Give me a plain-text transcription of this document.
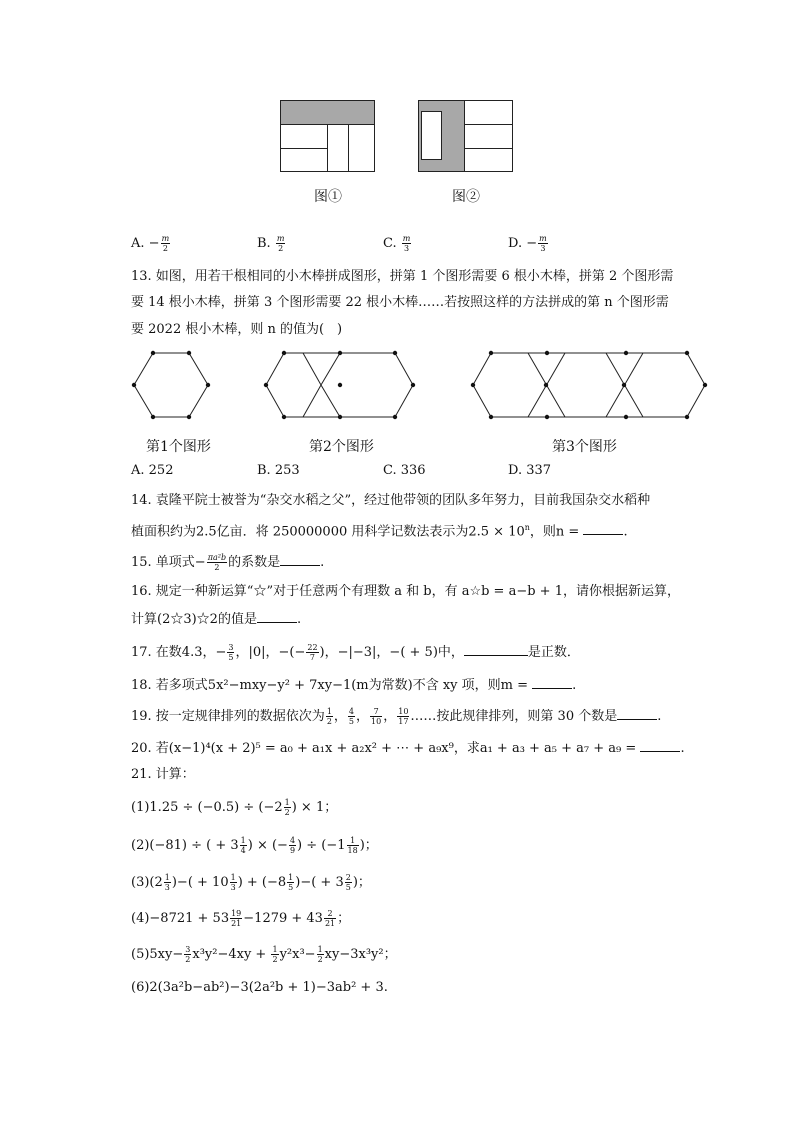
图①	图②
A. − $\frac{m}{2}$	B. $\frac{m}{2}$	C. $\frac{m}{3}$	D. − $\frac{m}{3}$
13. 如图，用若干根相同的小木棒拼成图形，拼第 1 个图形需要 6 根小木棒，拼第 2 个图形需
要 14 根小木棒，拼第 3 个图形需要 22 根小木棒……若按照这样的方法拼成的第 n 个图形需
要 2022 根小木棒，则 n 的值为(　)
第1个图形	第2个图形	第3个图形
A. 252	B. 253	C. 336	D. 337
14. 袁隆平院士被誉为“杂交水稻之父”，经过他带领的团队多年努力，目前我国杂交水稻种
植面积约为2.5亿亩．将 250000000 用科学记数法表示为$2.5 \times 10^n$，则n =	.
15. 单项式− $\frac{\text{πa²b}}{2}$ 的系数是	.
16. 规定一种新运算“☆”对于任意两个有理数 a 和 b，有 a☆b = a−b + 1，请你根据新运算，
计算(2☆3)☆2的值是	.
17. 在数4.3，− $\frac{3}{5}$ ，|0|，−(− $\frac{22}{7}$ )，−|−3|，−( + 5)中，	是正数．
18. 若多项式5x²−mxy−y² + 7xy−1(m为常数)不含 xy 项，则m =	.
19. 按一定规律排列的数据依次为 $\frac{1}{2}$ ， $\frac{4}{5}$ ， $\frac{7}{10}$ ， $\frac{10}{17}$ ……按此规律排列，则第 30 个数是	.
20. 若(x−1)⁴(x + 2)⁵ = a₀ + a₁x + a₂x² + ⋯ + a₉x⁹，求a₁ + a₃ + a₅ + a₇ + a₉ =	.
21. 计算：
$(1)1.25 \div (-0.5) \div (-2 \frac{1}{2}$ ) × 1；
(2)(−81) ÷ ( + $3 \frac{1}{4}$ ) × (− $\frac{4}{9}$ ) ÷ ($-1 \frac{1}{18}$ )；
$(3)(2 \frac{1}{3}$ )−( + $10 \frac{1}{3}$ ) + ($-8 \frac{1}{5}$ )−( + $3 \frac{2}{5}$ )；
$(4)-8721 + 53 \frac{19}{21} -1279 + 43 \frac{2}{21}$ ；
$(5)5xy- \frac{3}{2} x^3y^2-4xy + \frac{1}{2} y^2x^3- \frac{1}{2} xy-3x^3y^2$；
(6)2(3a²b−ab²)−3(2a²b + 1)−3ab² + 3.
